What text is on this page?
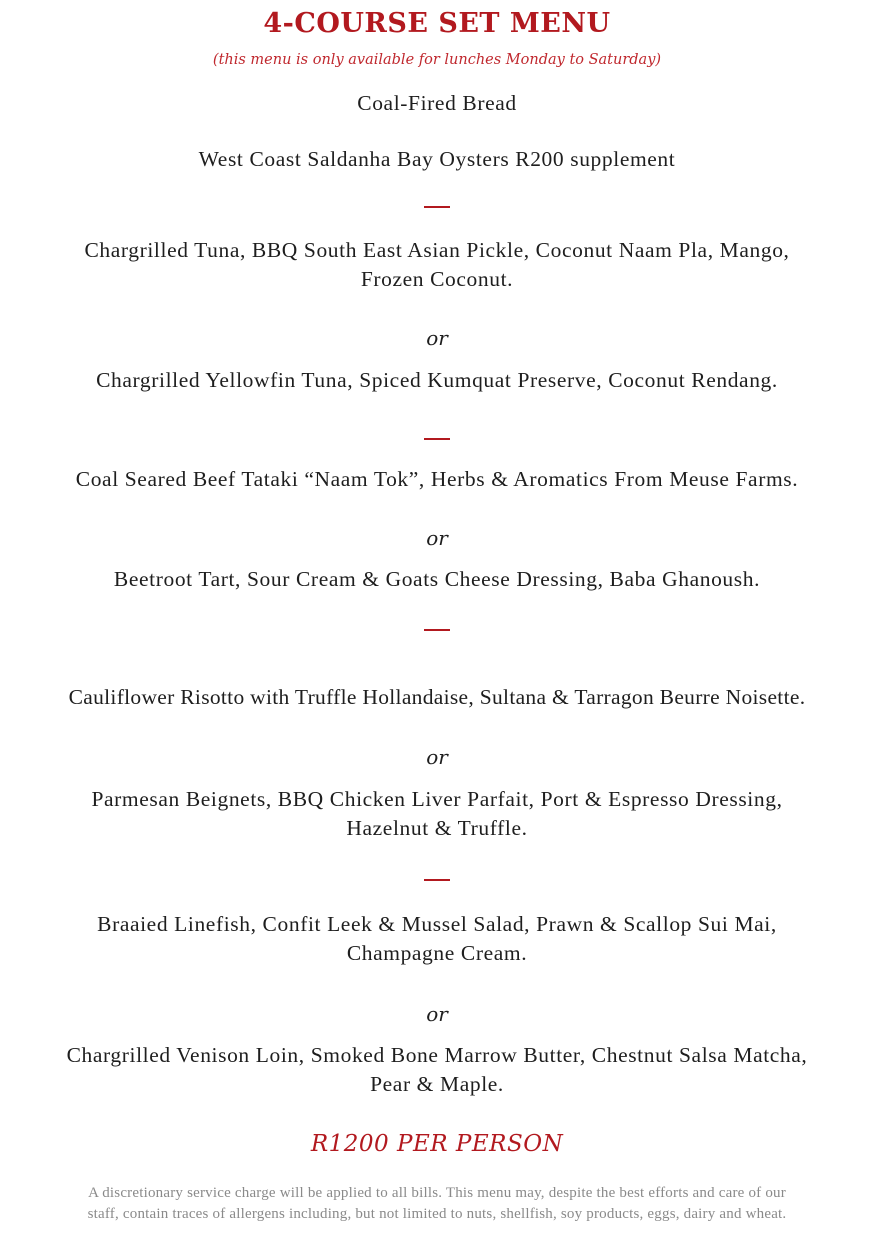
4-COURSE SET MENU

(this menu is only available for lunches Monday to Saturday)

Coal-Fired Bread

West Coast Saldanha Bay Oysters R200 supplement

Chargrilled Tuna, BBQ South East Asian Pickle, Coconut Naam Pla, Mango,

Frozen Coconut.

or

Chargrilled Yellowfin Tuna, Spiced Kumquat Preserve, Coconut Rendang.

Coal Seared Beef Tataki “Naam Tok”, Herbs & Aromatics From Meuse Farms.

or

Beetroot Tart, Sour Cream & Goats Cheese Dressing, Baba Ghanoush.

Cauliflower Risotto with Truffle Hollandaise, Sultana & Tarragon Beurre Noisette.

or

Parmesan Beignets, BBQ Chicken Liver Parfait, Port & Espresso Dressing,

Hazelnut & Truffle.

Braaied Linefish, Confit Leek & Mussel Salad, Prawn & Scallop Sui Mai,

Champagne Cream.

or

Chargrilled Venison Loin, Smoked Bone Marrow Butter, Chestnut Salsa Matcha,

Pear & Maple.

R1200 PER PERSON

A discretionary service charge will be applied to all bills. This menu may, despite the best efforts and care of our
staff, contain traces of allergens including, but not limited to nuts, shellfish, soy products, eggs, dairy and wheat.
